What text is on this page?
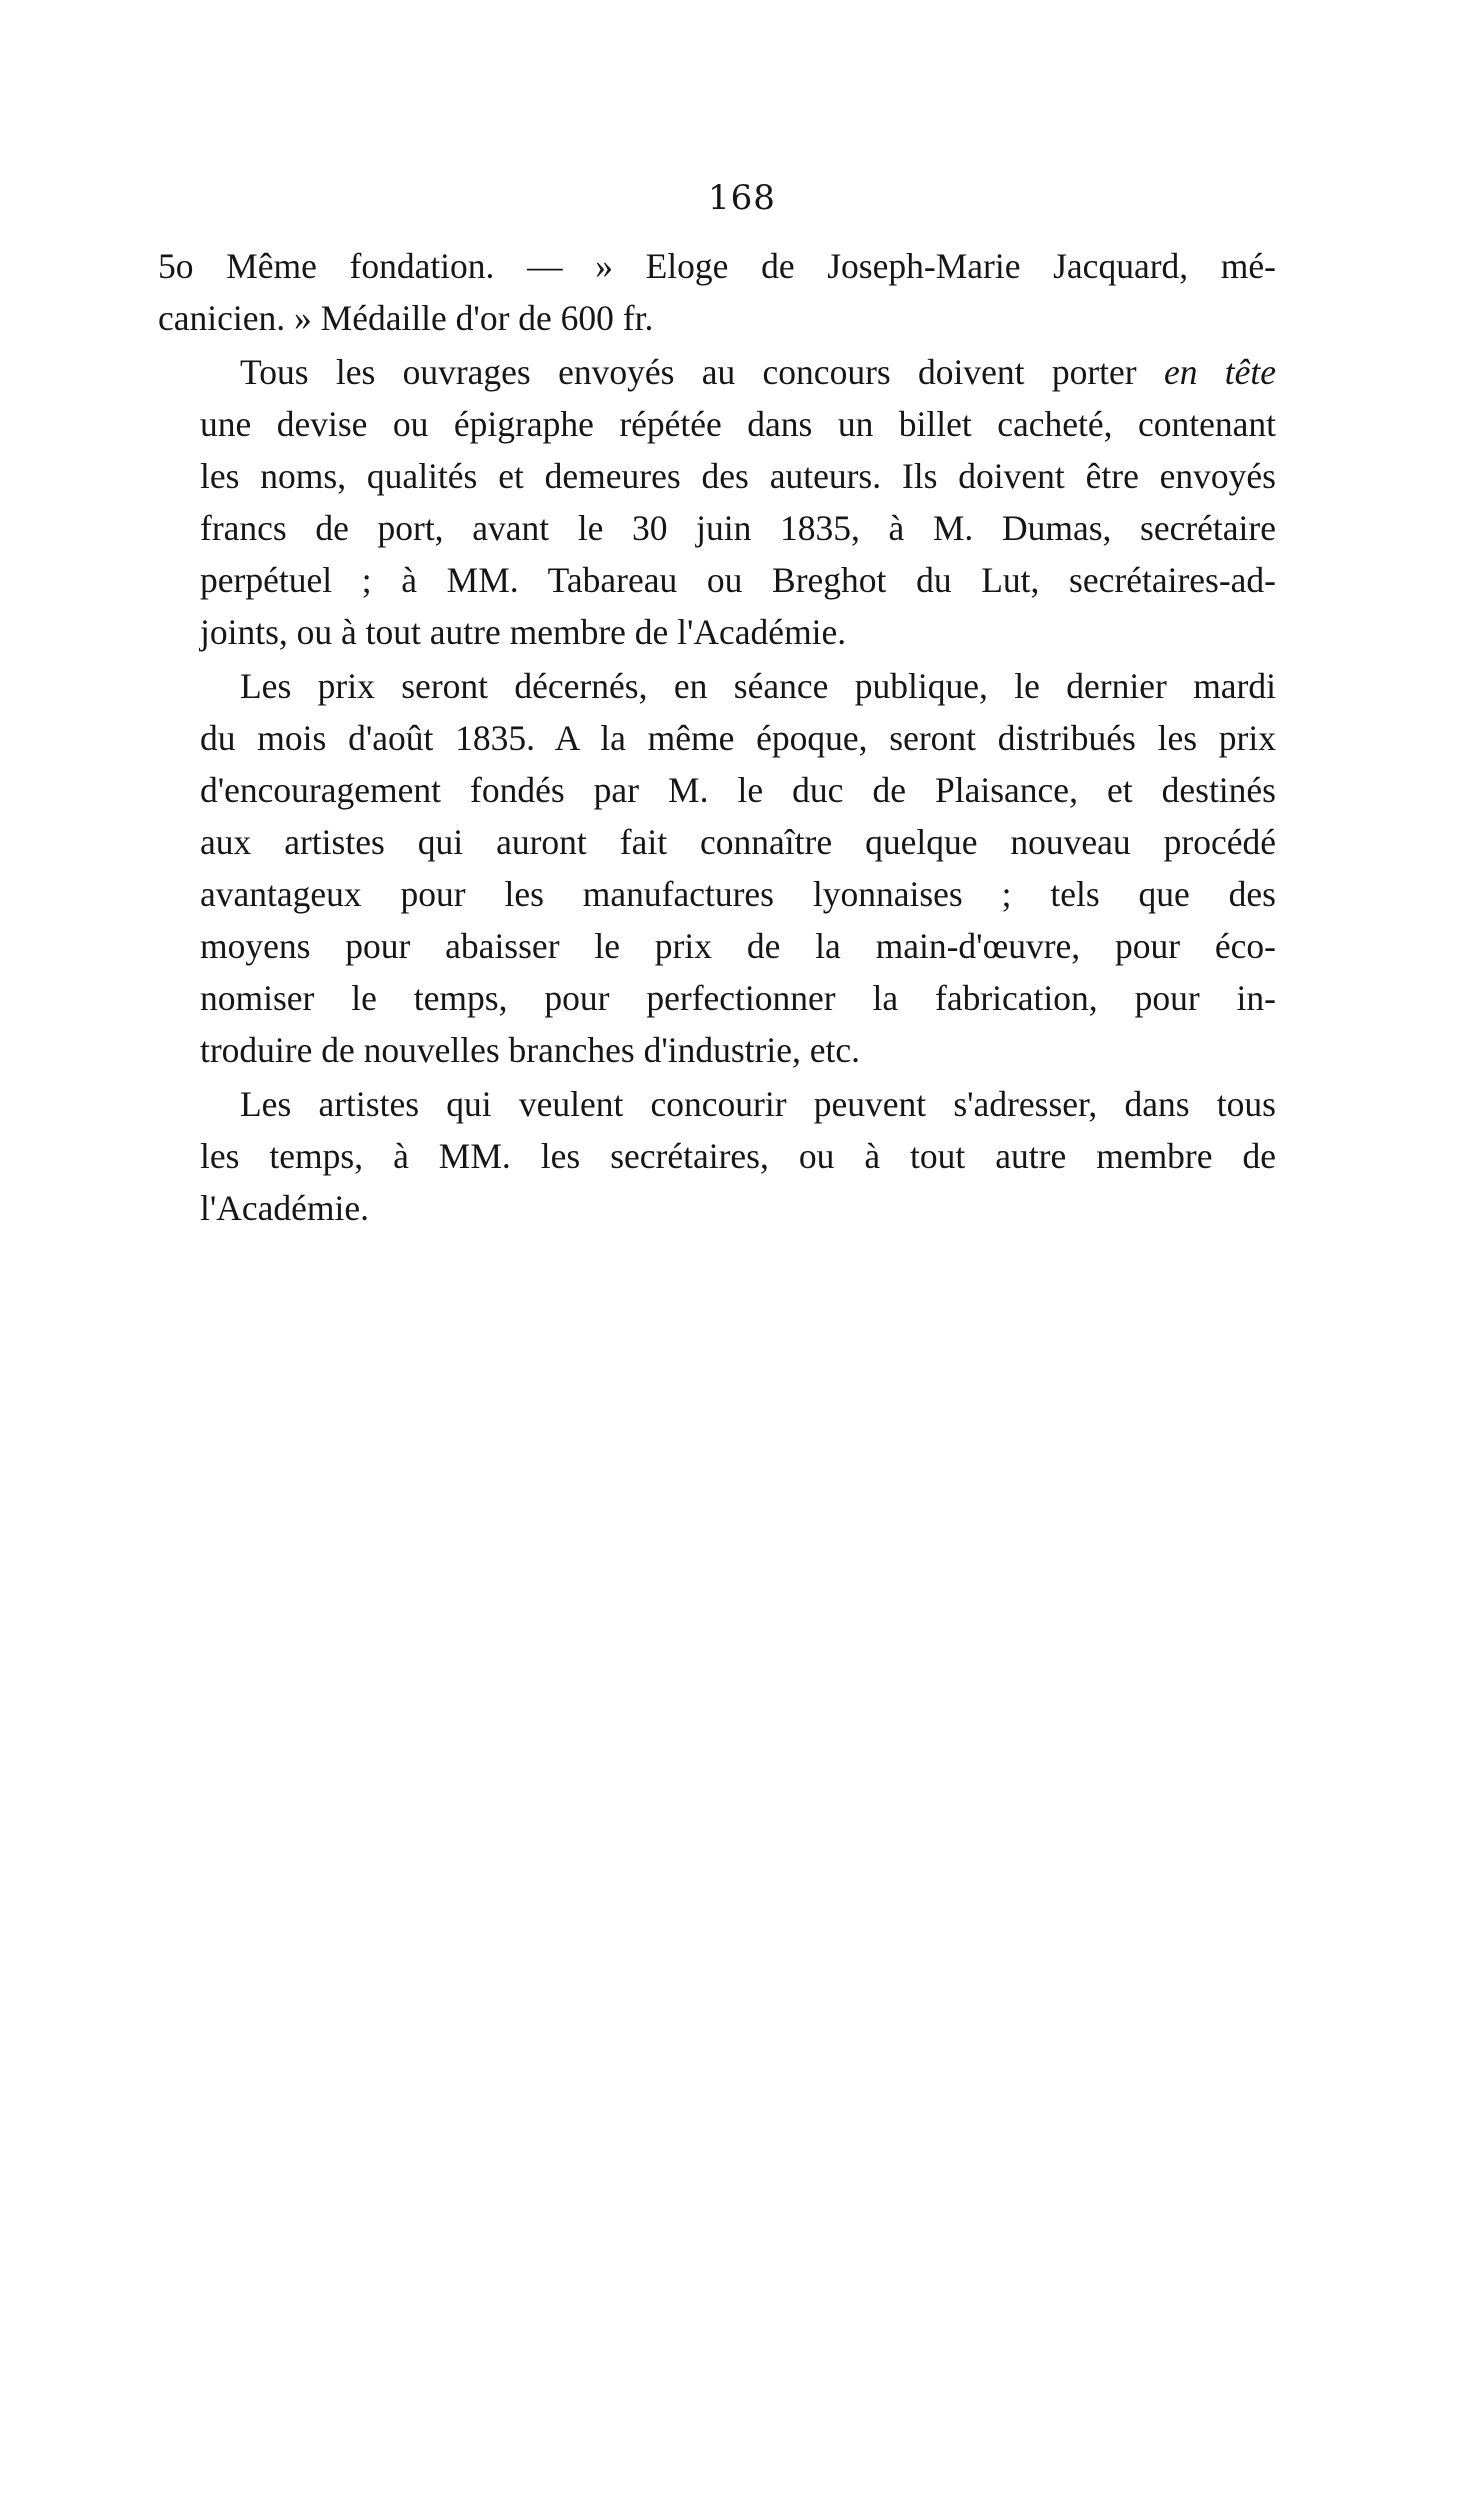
168
5o Même fondation. — » Eloge de Joseph-Marie Jacquard, mé-
canicien. » Médaille d'or de 600 fr.
Tous les ouvrages envoyés au concours doivent porter en tête
une devise ou épigraphe répétée dans un billet cacheté, contenant
les noms, qualités et demeures des auteurs. Ils doivent être envoyés
francs de port, avant le 30 juin 1835, à M. Dumas, secrétaire
perpétuel ; à MM. Tabareau ou Breghot du Lut, secrétaires-ad-
joints, ou à tout autre membre de l'Académie.
Les prix seront décernés, en séance publique, le dernier mardi
du mois d'août 1835. A la même époque, seront distribués les prix
d'encouragement fondés par M. le duc de Plaisance, et destinés
aux artistes qui auront fait connaître quelque nouveau procédé
avantageux pour les manufactures lyonnaises ; tels que des
moyens pour abaisser le prix de la main-d'œuvre, pour éco-
nomiser le temps, pour perfectionner la fabrication, pour in-
troduire de nouvelles branches d'industrie, etc.
Les artistes qui veulent concourir peuvent s'adresser, dans tous
les temps, à MM. les secrétaires, ou à tout autre membre de
l'Académie.
